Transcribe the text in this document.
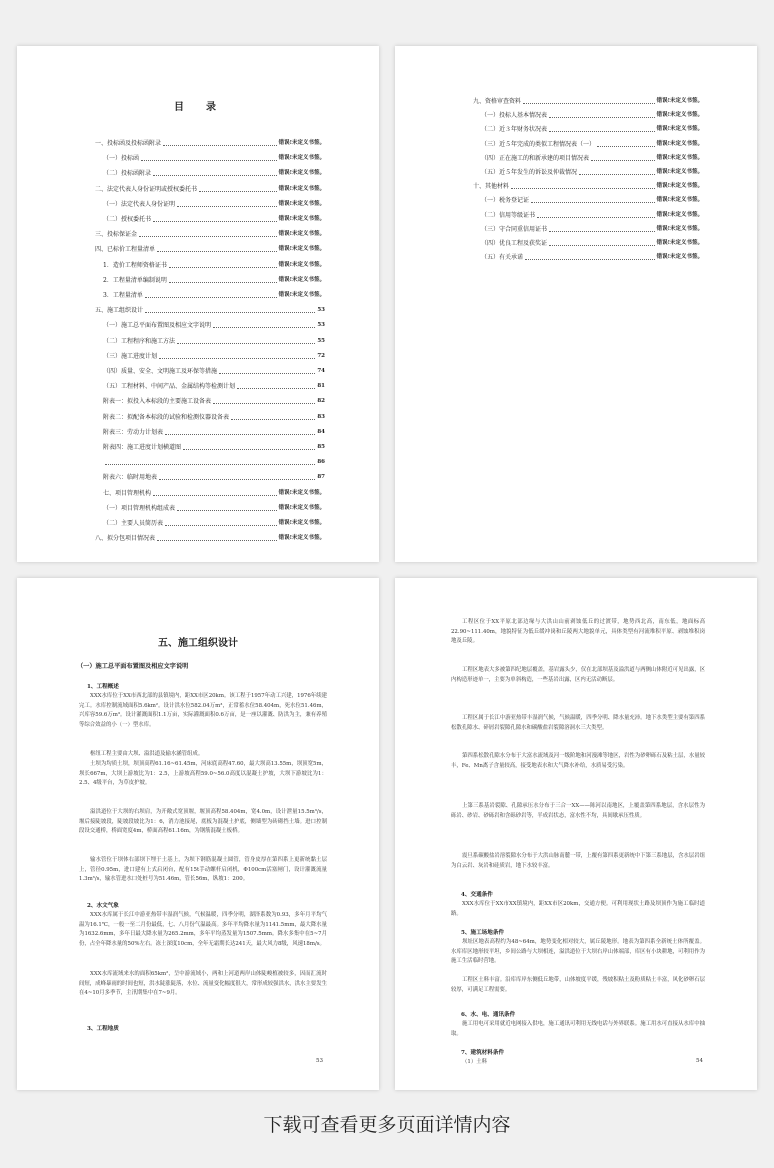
目　录
一、投标函及投标函附录	错误!未定义书签。
（一）投标函	错误!未定义书签。
（二）投标函附录	错误!未定义书签。
二、法定代表人身份证明或授权委托书	错误!未定义书签。
（一）法定代表人身份证明	错误!未定义书签。
（二）授权委托书	错误!未定义书签。
三、投标保证金	错误!未定义书签。
四、已标价工程量清单	错误!未定义书签。
1．造价工程师资格证书	错误!未定义书签。
2．工程量清单编制说明	错误!未定义书签。
3．工程量清单	错误!未定义书签。
五、施工组织设计	53
（一）施工总平面布置图及相应文字说明	53
（二）工程程序和施工方法	55
（三）施工进度计划	72
（四）质量、安全、文明施工及环保等措施	74
（五）工程材料、中间产品、金属结构等检测计划	81
附表一：拟投入本标段的主要施工设备表	82
附表二：拟配备本标段的试验和检测仪器设备表	83
附表三：劳动力计划表	84
附表四：施工进度计划横道图	85
86
附表六：临时用地表	87
七、项目管理机构	错误!未定义书签。
（一）项目管理机构组成表	错误!未定义书签。
（二）主要人员简历表	错误!未定义书签。
八、拟分包项目情况表	错误!未定义书签。
九、资格审查资料	错误!未定义书签。
（一）投标人基本情况表	错误!未定义书签。
（二）近３年财务状况表	错误!未定义书签。
（三）近５年完成的类似工程情况表（一）	错误!未定义书签。
（四）正在施工的和新承建的项目情况表	错误!未定义书签。
（五）近５年发生的诉讼及仲裁情况	错误!未定义书签。
十、其他材料	错误!未定义书签。
（一）税务登记证	错误!未定义书签。
（二）信用等级证书	错误!未定义书签。
（三）守合同重信用证书	错误!未定义书签。
（四）优良工程及获奖证	错误!未定义书签。
（五）有关承诺	错误!未定义书签。
五、施工组织设计
（一）施工总平面布置图及相应文字说明
1、工程概述
XXX水库位于XX市西北部的县镇境内，距XX市区20km。该工程于1957年动工兴建，1976年续建完工。水库控制流域面积5.6km²。设计洪水位582.04万m³，正常蓄水位58.404m，死水位51.46m，兴库容59.6万m³。设计灌溉面积1.1万亩，实际灌溉面积0.6万亩，是一座以灌溉、防洪为主，兼有养殖等综合效益的小（一）型水库。
枢纽工程主要由大坝、溢洪道及输水涵管组成。
土坝为均质土坝，坝顶高程61.16~61.45m，河床底高程47.60，最大坝高13.55m，坝顶宽5m，坝长667m，大坝上游坡比为1：2.5，上游坡高程59.0~56.0高度以混凝土护坡，大坝下游坡比为1：2.5、4级平台，为草皮护坡。
溢洪道位于大坝的右坝肩，为开敞式宽顶堰，堰顶高程58.404m，宽4.0m，设计泄量15.5m³/s，堰后接陡坡段，陡坡段坡比为1：6，消力池接尾，底板为混凝土护底，侧墙型为砖砌挡土墙。进口控制段设交通桥，桥面宽度4m，桥面高程61.16m，为钢筋混凝土板桥。
输水管位于坝体右部坝下埋于土基上，为坝下钢筋混凝土圆管，管身皮厚在第四系上更新统黏土层上，管径0.95m，进口建有上式启闭台，配有15t手动螺杆启闭机，Φ100cm活塞闸门，设计灌溉流量1.3m³/s，输水管进水口处桩号为51.46m，管长56m，纵坡1：200。
2、水文气象
XXX水库属于长江中游亚热带丰湿润气候，气候温暖，四季分明，湖泽系数为0.93，多年月平均气温为16.1℃，一般一至二月份最低，七、八月份气温最高。多年平均降水量为1141.5mm，最大降水量为1632.6mm，多年日最大降水量为265.2mm，多年平均蒸发量为1507.5mm。降水多集中在5~7月份，占全年降水量的50%左右。冻土深度10cm，全年无霜期长达241天，最大风力8级，风速18m/s。
XXX水库流域来水的面积65km²，呈中游流域小，两和上河道两岸山体陡峻植被较多，因而汇流时间短，成峰暴雨的时间也短，洪水陡涨陡落，水位、流量变化幅度很大，常形成较强洪水，洪水主要发生在4~10月多季节，主汛期集中在7~9月。
3、工程地质
53
工程区位于XX平原北部边缘与大洪山山前剥蚀低丘的过渡带，地势西北高，南东低，地面标高22.90~111.40m，地貌特征为低丘缓冲岗和丘陵两大地貌单元，具体类型有河流堆积平原、剥蚀堆积岗地及丘陵。
工程区地表大多被第四纪地层覆盖，基岩露头少，仅在北部坝基及溢洪道与两侧山体附近可见出露，区内构造形迹单一，主要为单斜构造，一些基岩出露，区内无活动断层。
工程区属于长江中游亚热带丰湿润气候，气候温暖，四季分明、降水量充沛。地下水类型主要有第四系松散孔隙水、碎屑岩裂隙孔隙水和碳酸盐岩裂隙溶洞水三大类型。
第四系松散孔隙水分布于大富水流域及河一级阶地和河漫滩等地区，岩性为砂卵砾石及粘土层，水量较丰，Fe、Mn离子含量较高，接受地表水和大气降水补给，水质易受污染。
上第三系基岩裂隙、孔隙承压水分布于三合一XX——陈河以南地区，上覆盖第四系地层，含水层性为砾岩、砂岩、砂砾岩和含砾砂岩等，半成岩状态，富水性不均，具间歇承压性质。
震旦系碳酸盐岩溶裂隙水分布于大洪山脉南麓一带，上覆有第四系更新统中下第三系地层，含水层岩组为白云岩、灰岩和硅质岩，地下水较丰富。
4、交通条件
XXX水库位于XX市XX镇境内，距XX市区20km，交通方便。可利用现状土路及坝顶作为施工临时道路。
5、施工场地条件
坝址区地表高程约为48~64m，地势变化相对较大，属丘陵地形。地表为第四系全新统土体所覆盖。水库库区地形较平坦，乡间公路与大坝相连，溢洪道位于大坝右岸山体端部，库区有小块耕地，可利用作为施工生活临时营地。
工程区土料丰富。沿库库岸东侧低丘地带，山体坡度平缓，残坡积粘土及粉质粘土丰富，风化砂卵石层较厚，可满足工程需要。
6、水、电、通讯条件
施工用电可采用就近电网接入供电，施工通讯可利用无线电话与外界联系。施工用水可直接从水库中抽取。
7、建筑材料条件
（1）土料	54
下载可查看更多页面详情内容
